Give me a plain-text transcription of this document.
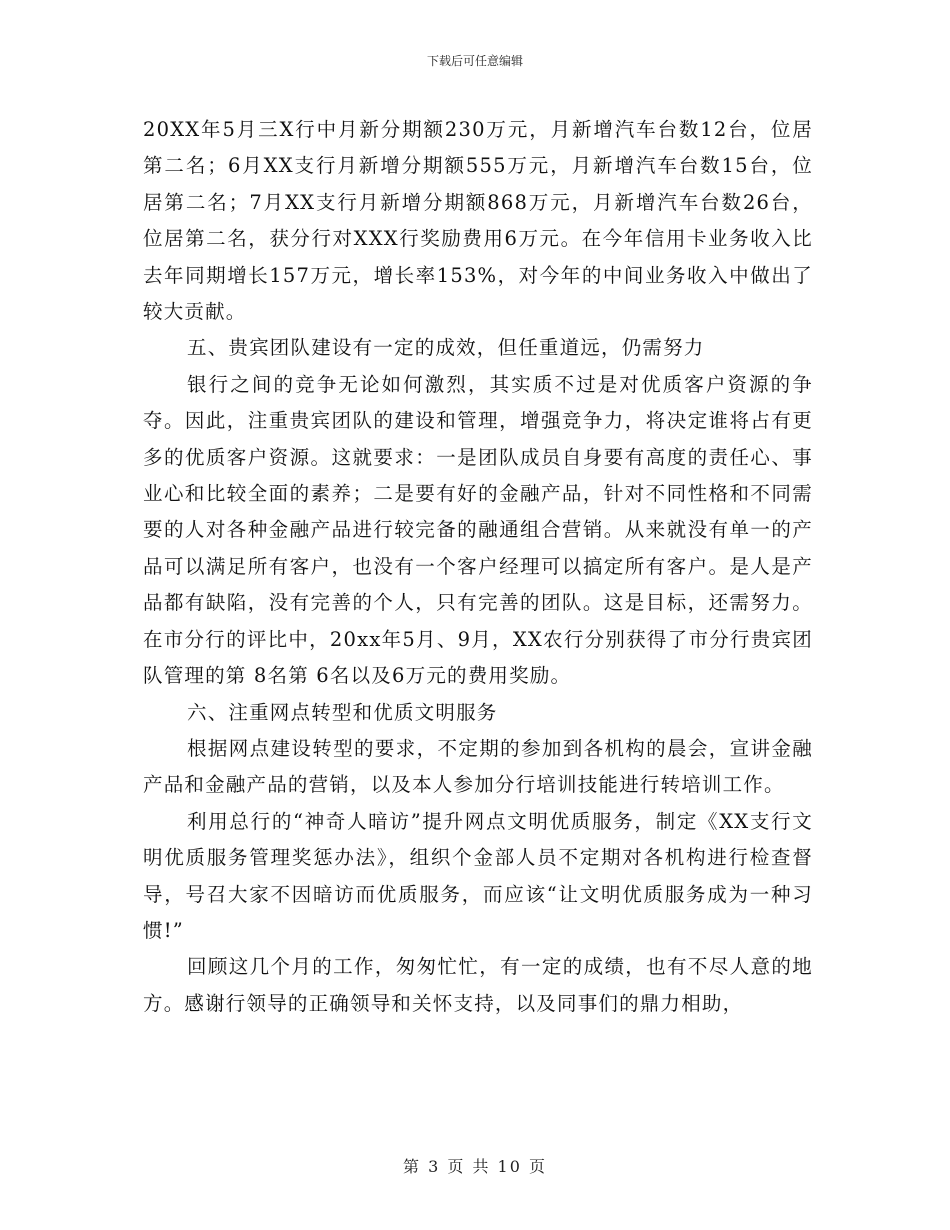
下载后可任意编辑

20XX年5月三X行中月新分期额230万元，月新增汽车台数12台，位居第二名；6月XX支行月新增分期额555万元，月新增汽车台数15台，位居第二名；7月XX支行月新增分期额868万元，月新增汽车台数26台，位居第二名，获分行对XXX行奖励费用6万元。在今年信用卡业务收入比去年同期增长157万元，增长率153%，对今年的中间业务收入中做出了较大贡献。

五、贵宾团队建设有一定的成效，但任重道远，仍需努力

银行之间的竞争无论如何激烈，其实质不过是对优质客户资源的争夺。因此，注重贵宾团队的建设和管理，增强竞争力，将决定谁将占有更多的优质客户资源。这就要求：一是团队成员自身要有高度的责任心、事业心和比较全面的素养；二是要有好的金融产品，针对不同性格和不同需要的人对各种金融产品进行较完备的融通组合营销。从来就没有单一的产品可以满足所有客户，也没有一个客户经理可以搞定所有客户。是人是产品都有缺陷，没有完善的个人，只有完善的团队。这是目标，还需努力。在市分行的评比中，20xx年5月、9月，XX农行分别获得了市分行贵宾团队管理的第 8名第 6名以及6万元的费用奖励。

六、注重网点转型和优质文明服务

根据网点建设转型的要求，不定期的参加到各机构的晨会，宣讲金融产品和金融产品的营销，以及本人参加分行培训技能进行转培训工作。

利用总行的“神奇人暗访”提升网点文明优质服务，制定《XX支行文明优质服务管理奖惩办法》，组织个金部人员不定期对各机构进行检查督导，号召大家不因暗访而优质服务，而应该“让文明优质服务成为一种习惯!”

回顾这几个月的工作，匆匆忙忙，有一定的成绩，也有不尽人意的地方。感谢行领导的正确领导和关怀支持，以及同事们的鼎力相助，

第 3 页 共 10 页
